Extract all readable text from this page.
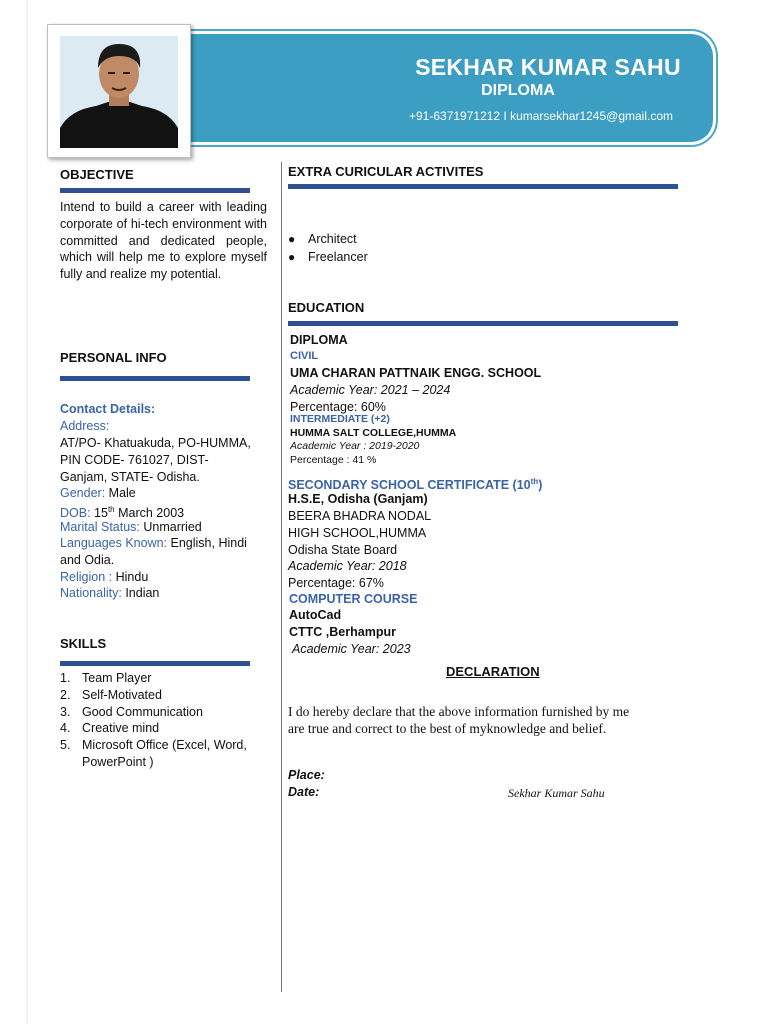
SEKHAR KUMAR SAHU
DIPLOMA
+91-6371971212 I kumarsekhar1245@gmail.com
OBJECTIVE
Intend to build a career with leading corporate of hi-tech environment with committed and dedicated people, which will help me to explore myself fully and realize my potential.
PERSONAL INFO
Contact Details:
Address:
AT/PO- Khatuakuda, PO-HUMMA,
PIN CODE- 761027, DIST-
Ganjam, STATE- Odisha.
Gender: Male
DOB: 15th March 2003
Marital Status: Unmarried
Languages Known: English, Hindi and Odia.
Religion : Hindu
Nationality: Indian
SKILLS
1. Team Player
2. Self-Motivated
3. Good Communication
4. Creative mind
5. Microsoft Office (Excel, Word, PowerPoint )
EXTRA CURICULAR ACTIVITES
●	Architect
●	Freelancer
EDUCATION
DIPLOMA
CIVIL
UMA CHARAN PATTNAIK ENGG. SCHOOL
Academic Year: 2021 – 2024
Percentage: 60%
INTERMEDIATE (+2)
HUMMA SALT COLLEGE,HUMMA
Academic Year : 2019-2020
Percentage : 41 %
SECONDARY SCHOOL CERTIFICATE (10th)
H.S.E, Odisha (Ganjam)
BEERA BHADRA NODAL
HIGH SCHOOL,HUMMA
Odisha State Board
Academic Year: 2018
Percentage: 67%
COMPUTER COURSE
AutoCad
CTTC ,Berhampur
Academic Year: 2023
DECLARATION
I do hereby declare that the above information furnished by me are true and correct to the best of myknowledge and belief.
Place:
Date:	Sekhar Kumar Sahu
